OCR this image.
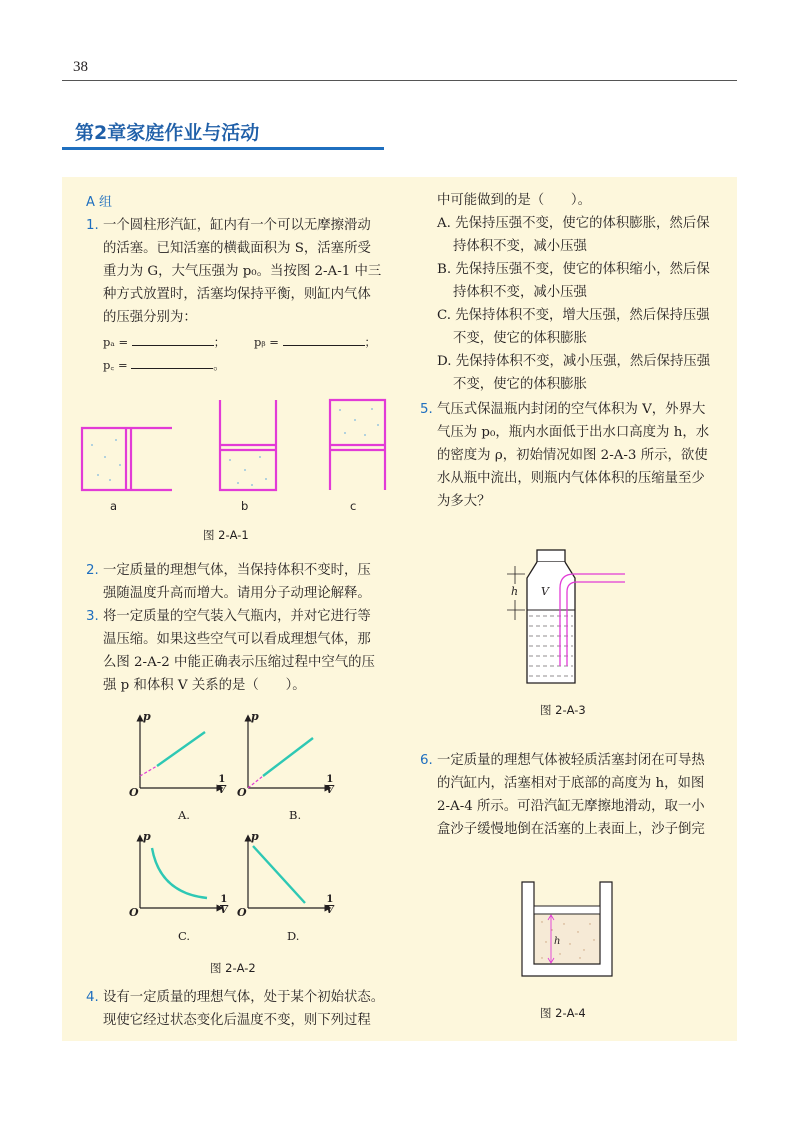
38
第2章家庭作业与活动
A 组
1. 一个圆柱形汽缸，缸内有一个可以无摩擦滑动
的活塞。已知活塞的横截面积为 S，活塞所受
重力为 G，大气压强为 p₀。当按图 2-A-1 中三
种方式放置时，活塞均保持平衡，则缸内气体
的压强分别为：
pₐ =	；	pᵦ =	；
p꜀ =	。
a	b	c
图 2-A-1
2. 一定质量的理想气体，当保持体积不变时，压
强随温度升高而增大。请用分子动理论解释。
3. 将一定质量的空气装入气瓶内，并对它进行等
温压缩。如果这些空气可以看成理想气体，那
么图 2-A-2 中能正确表示压缩过程中空气的压
强 p 和体积 V 关系的是（　　）。
p	p
p	p
O	O
O	O
1
V
1
V
1
V
1
V
A.	B.
C.	D.
图 2-A-2
4. 设有一定质量的理想气体，处于某个初始状态。
现使它经过状态变化后温度不变，则下列过程
中可能做到的是（　　）。
A. 先保持压强不变，使它的体积膨胀，然后保
持体积不变，减小压强
B. 先保持压强不变，使它的体积缩小，然后保
持体积不变，减小压强
C. 先保持体积不变，增大压强，然后保持压强
不变，使它的体积膨胀
D. 先保持体积不变，减小压强，然后保持压强
不变，使它的体积膨胀
5. 气压式保温瓶内封闭的空气体积为 V，外界大
气压为 p₀，瓶内水面低于出水口高度为 h，水
的密度为 ρ，初始情况如图 2-A-3 所示，欲使
水从瓶中流出，则瓶内气体体积的压缩量至少
为多大？
h V
图 2-A-3
6. 一定质量的理想气体被轻质活塞封闭在可导热
的汽缸内，活塞相对于底部的高度为 h，如图
2-A-4 所示。可沿汽缸无摩擦地滑动，取一小
盒沙子缓慢地倒在活塞的上表面上，沙子倒完
h
图 2-A-4
